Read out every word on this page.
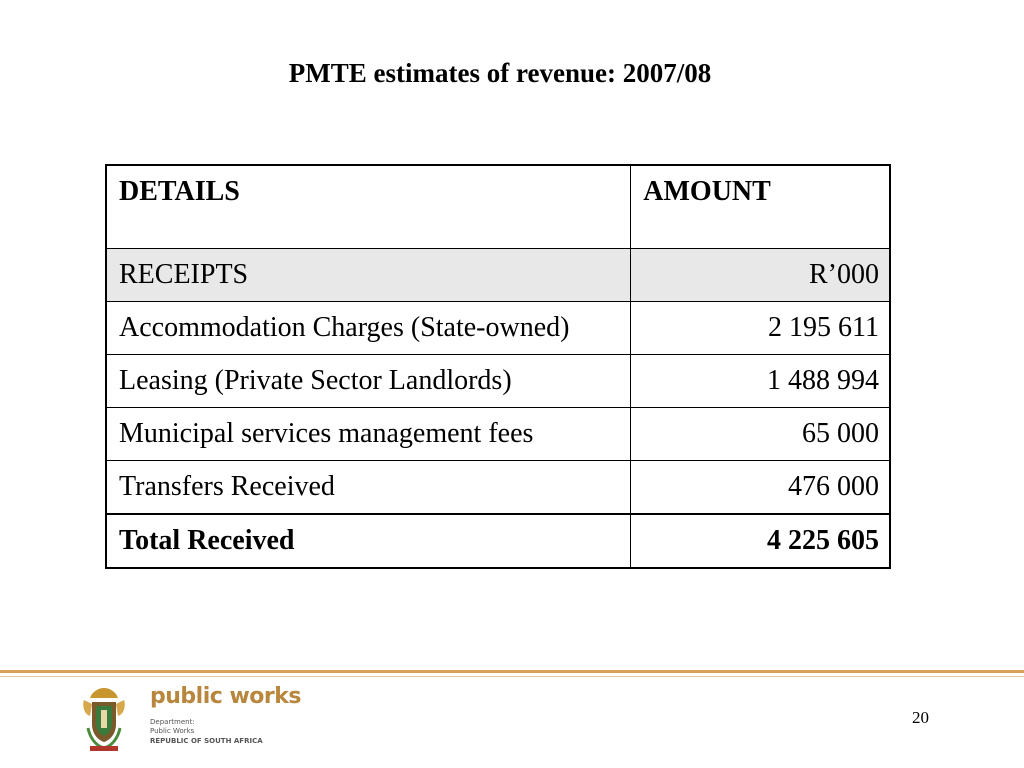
PMTE estimates of revenue: 2007/08
DETAILS	AMOUNT
RECEIPTS	R’000
Accommodation Charges (State-owned)	2 195 611
Leasing (Private Sector Landlords)	1 488 994
Municipal services management fees	65 000
Transfers Received	476 000
Total Received	4 225 605
public works
Department:
Public Works
REPUBLIC OF SOUTH AFRICA
20
